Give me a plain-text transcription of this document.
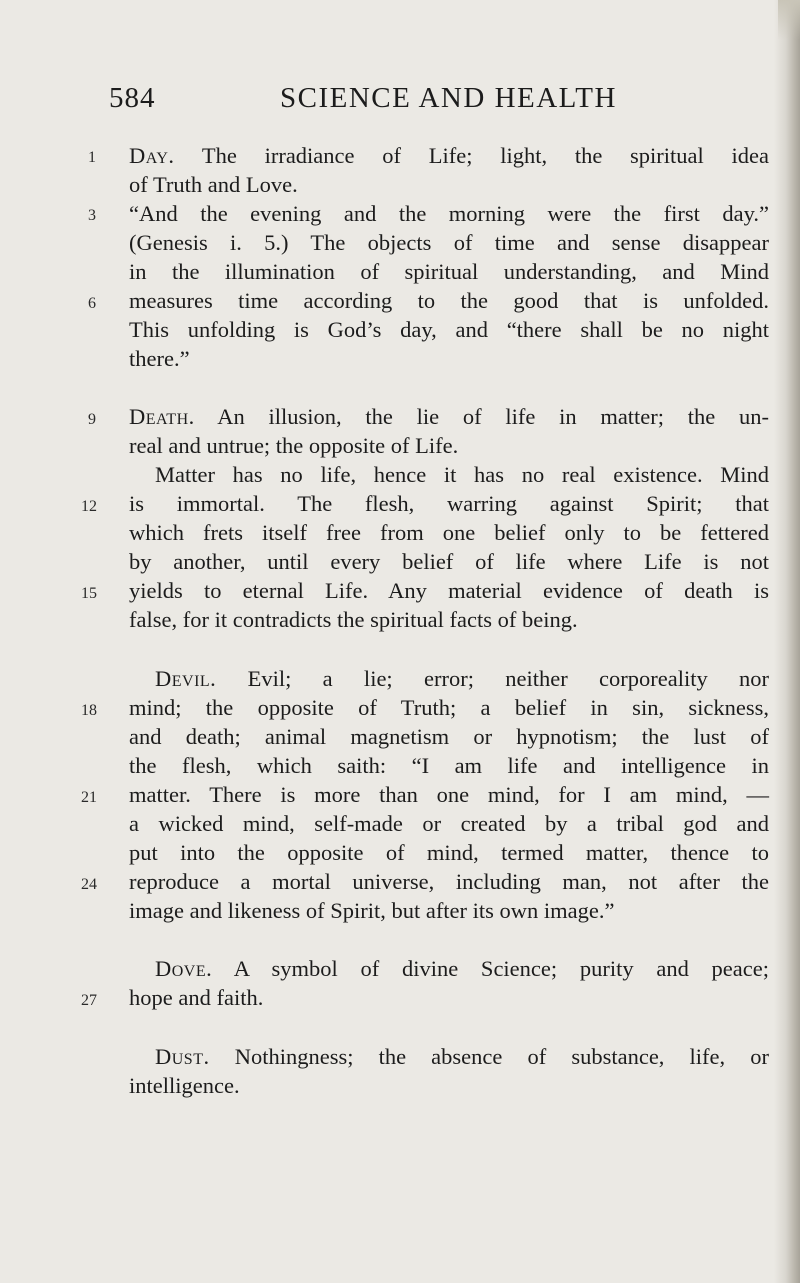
584	SCIENCE AND HEALTH
1
3
6
9
12
15
18
21
24
27
Day. The irradiance of Life; light, the spiritual idea
of Truth and Love.
“And the evening and the morning were the first day.”
(Genesis i. 5.) The objects of time and sense disappear
in the illumination of spiritual understanding, and Mind
measures time according to the good that is unfolded.
This unfolding is God’s day, and “there shall be no night
there.”
Death. An illusion, the lie of life in matter; the un-
real and untrue; the opposite of Life.
Matter has no life, hence it has no real existence. Mind
is immortal. The flesh, warring against Spirit; that
which frets itself free from one belief only to be fettered
by another, until every belief of life where Life is not
yields to eternal Life. Any material evidence of death is
false, for it contradicts the spiritual facts of being.
Devil. Evil; a lie; error; neither corporeality nor
mind; the opposite of Truth; a belief in sin, sickness,
and death; animal magnetism or hypnotism; the lust of
the flesh, which saith: “I am life and intelligence in
matter. There is more than one mind, for I am mind, —
a wicked mind, self-made or created by a tribal god and
put into the opposite of mind, termed matter, thence to
reproduce a mortal universe, including man, not after the
image and likeness of Spirit, but after its own image.”
Dove. A symbol of divine Science; purity and peace;
hope and faith.
Dust. Nothingness; the absence of substance, life, or
intelligence.
